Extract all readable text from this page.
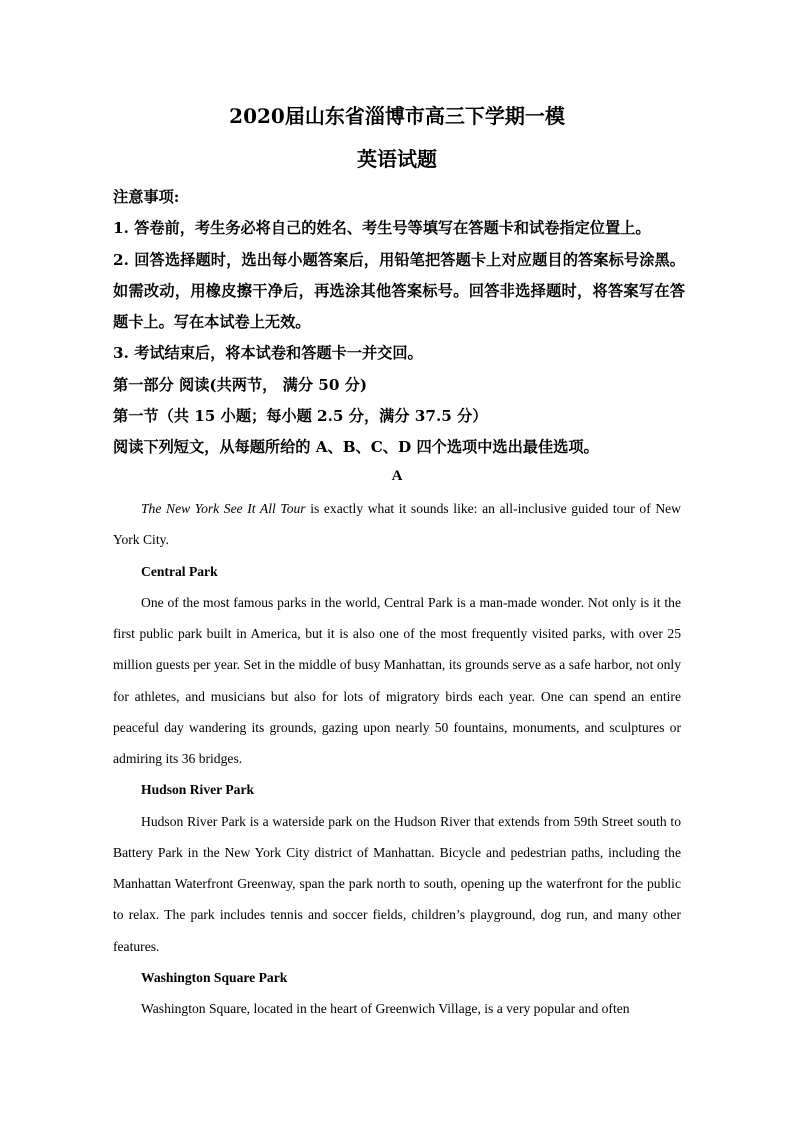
2020届山东省淄博市高三下学期一模
英语试题

注意事项:

1. 答卷前，考生务必将自己的姓名、考生号等填写在答题卡和试卷指定位置上。

2. 回答选择题时，选出每小题答案后，用铅笔把答题卡上对应题目的答案标号涂黑。如需改动，用橡皮擦干净后，再选涂其他答案标号。回答非选择题时，将答案写在答题卡上。写在本试卷上无效。

3. 考试结束后，将本试卷和答题卡一并交回。

第一部分 阅读(共两节， 满分 50 分)

第一节（共 15 小题；每小题 2.5 分，满分 37.5 分）

阅读下列短文，从每题所给的 A、B、C、D 四个选项中选出最佳选项。

A

The New York See It All Tour is exactly what it sounds like: an all-inclusive guided tour of New York City.

Central Park

One of the most famous parks in the world, Central Park is a man-made wonder. Not only is it the first public park built in America, but it is also one of the most frequently visited parks, with over 25 million guests per year. Set in the middle of busy Manhattan, its grounds serve as a safe harbor, not only for athletes, and musicians but also for lots of migratory birds each year. One can spend an entire peaceful day wandering its grounds, gazing upon nearly 50 fountains, monuments, and sculptures or admiring its 36 bridges.

Hudson River Park

Hudson River Park is a waterside park on the Hudson River that extends from 59th Street south to Battery Park in the New York City district of Manhattan. Bicycle and pedestrian paths, including the Manhattan Waterfront Greenway, span the park north to south, opening up the waterfront for the public to relax. The park includes tennis and soccer fields, children’s playground, dog run, and many other features.

Washington Square Park

Washington Square, located in the heart of Greenwich Village, is a very popular and often
